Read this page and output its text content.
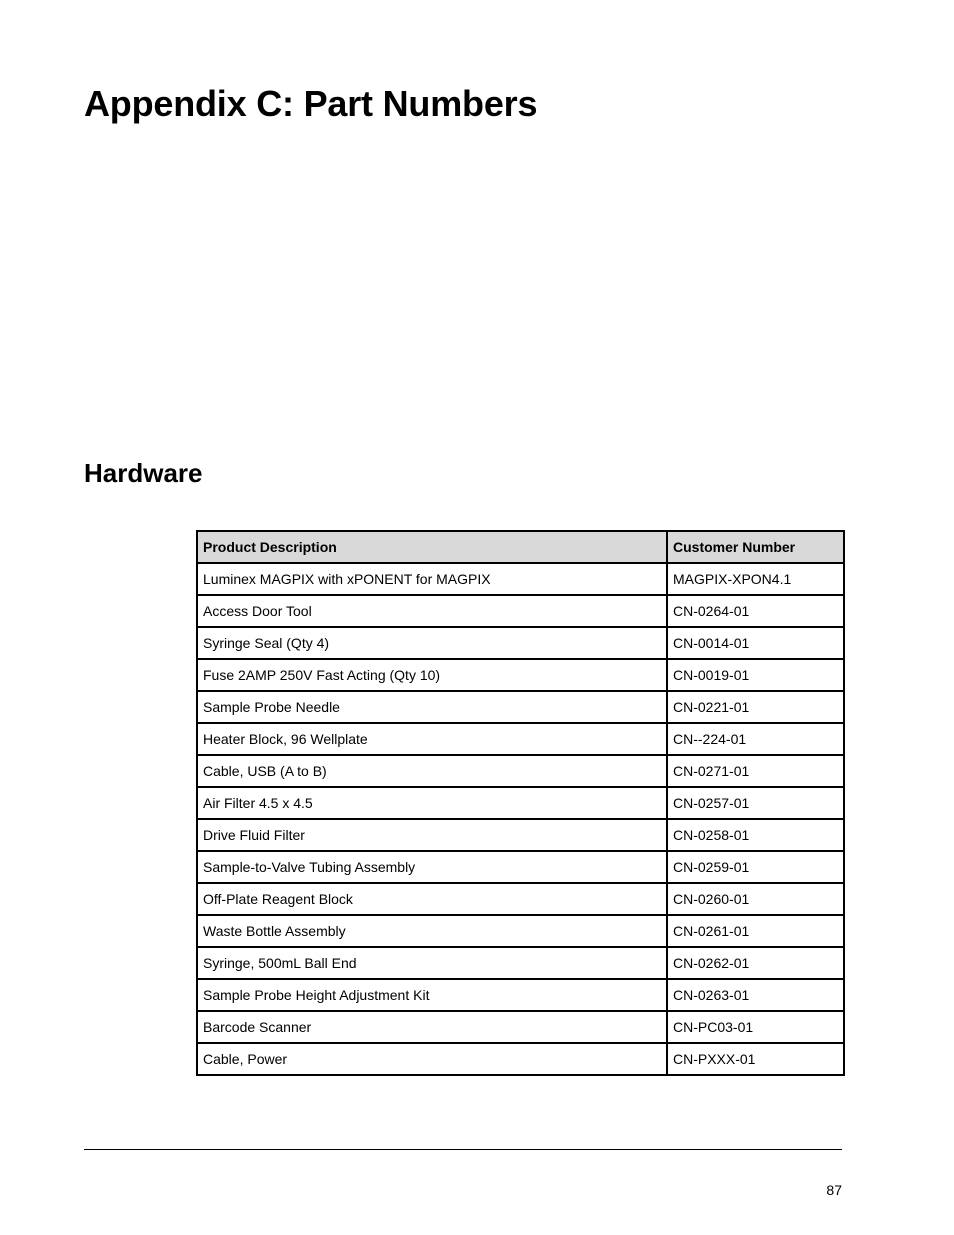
Appendix C: Part Numbers
Hardware
Product Description	Customer Number
Luminex MAGPIX with xPONENT for MAGPIX	MAGPIX-XPON4.1
Access Door Tool	CN-0264-01
Syringe Seal (Qty 4)	CN-0014-01
Fuse 2AMP 250V Fast Acting (Qty 10)	CN-0019-01
Sample Probe Needle	CN-0221-01
Heater Block, 96 Wellplate	CN--224-01
Cable, USB (A to B)	CN-0271-01
Air Filter 4.5 x 4.5	CN-0257-01
Drive Fluid Filter	CN-0258-01
Sample-to-Valve Tubing Assembly	CN-0259-01
Off-Plate Reagent Block	CN-0260-01
Waste Bottle Assembly	CN-0261-01
Syringe, 500mL Ball End	CN-0262-01
Sample Probe Height Adjustment Kit	CN-0263-01
Barcode Scanner	CN-PC03-01
Cable, Power	CN-PXXX-01
87
